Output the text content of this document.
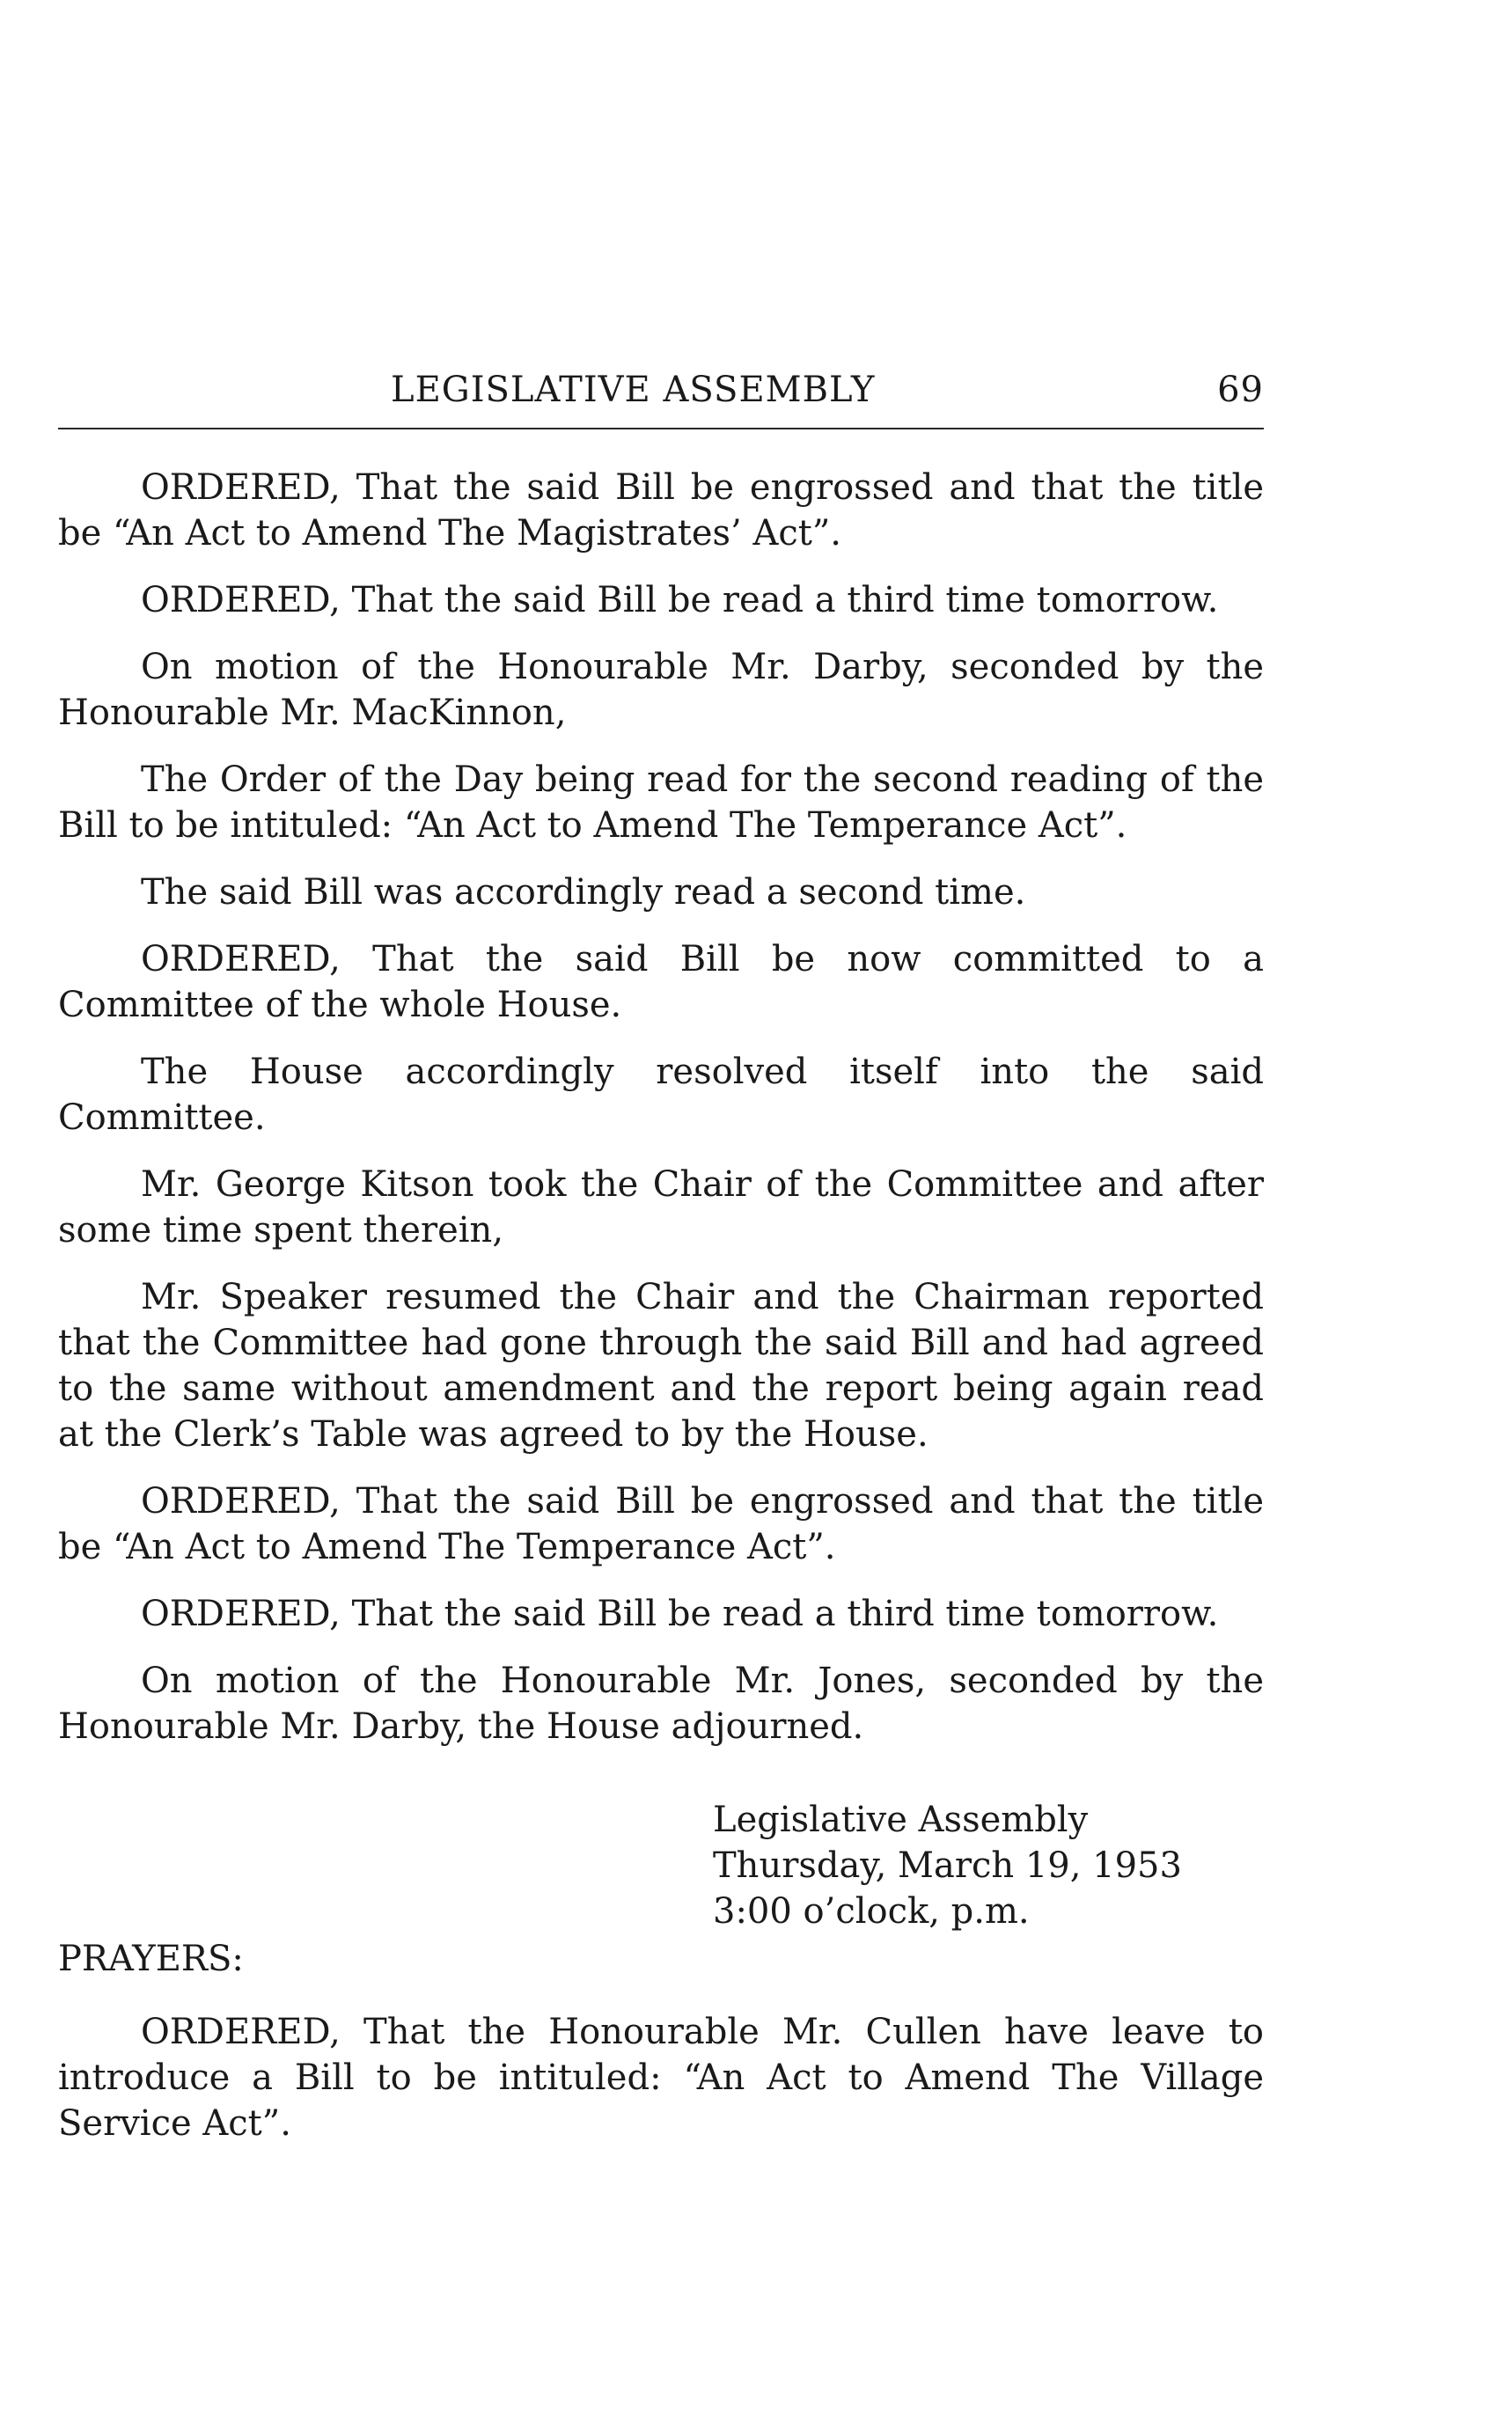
LEGISLATIVE ASSEMBLY	69

ORDERED, That the said Bill be engrossed and that the title be “An Act to Amend The Magistrates’ Act”.

ORDERED, That the said Bill be read a third time tomorrow.

On motion of the Honourable Mr. Darby, seconded by the Honourable Mr. MacKinnon,

The Order of the Day being read for the second reading of the Bill to be intituled: “An Act to Amend The Temperance Act”.

The said Bill was accordingly read a second time.

ORDERED, That the said Bill be now committed to a Committee of the whole House.

The House accordingly resolved itself into the said Committee.

Mr. George Kitson took the Chair of the Committee and after some time spent therein,

Mr. Speaker resumed the Chair and the Chairman reported that the Committee had gone through the said Bill and had agreed to the same without amendment and the report being again read at the Clerk’s Table was agreed to by the House.

ORDERED, That the said Bill be engrossed and that the title be “An Act to Amend The Temperance Act”.

ORDERED, That the said Bill be read a third time tomorrow.

On motion of the Honourable Mr. Jones, seconded by the Honourable Mr. Darby, the House adjourned.

Legislative Assembly
Thursday, March 19, 1953
3:00 o’clock, p.m.
PRAYERS:

ORDERED, That the Honourable Mr. Cullen have leave to introduce a Bill to be intituled: “An Act to Amend The Village Service Act”.
